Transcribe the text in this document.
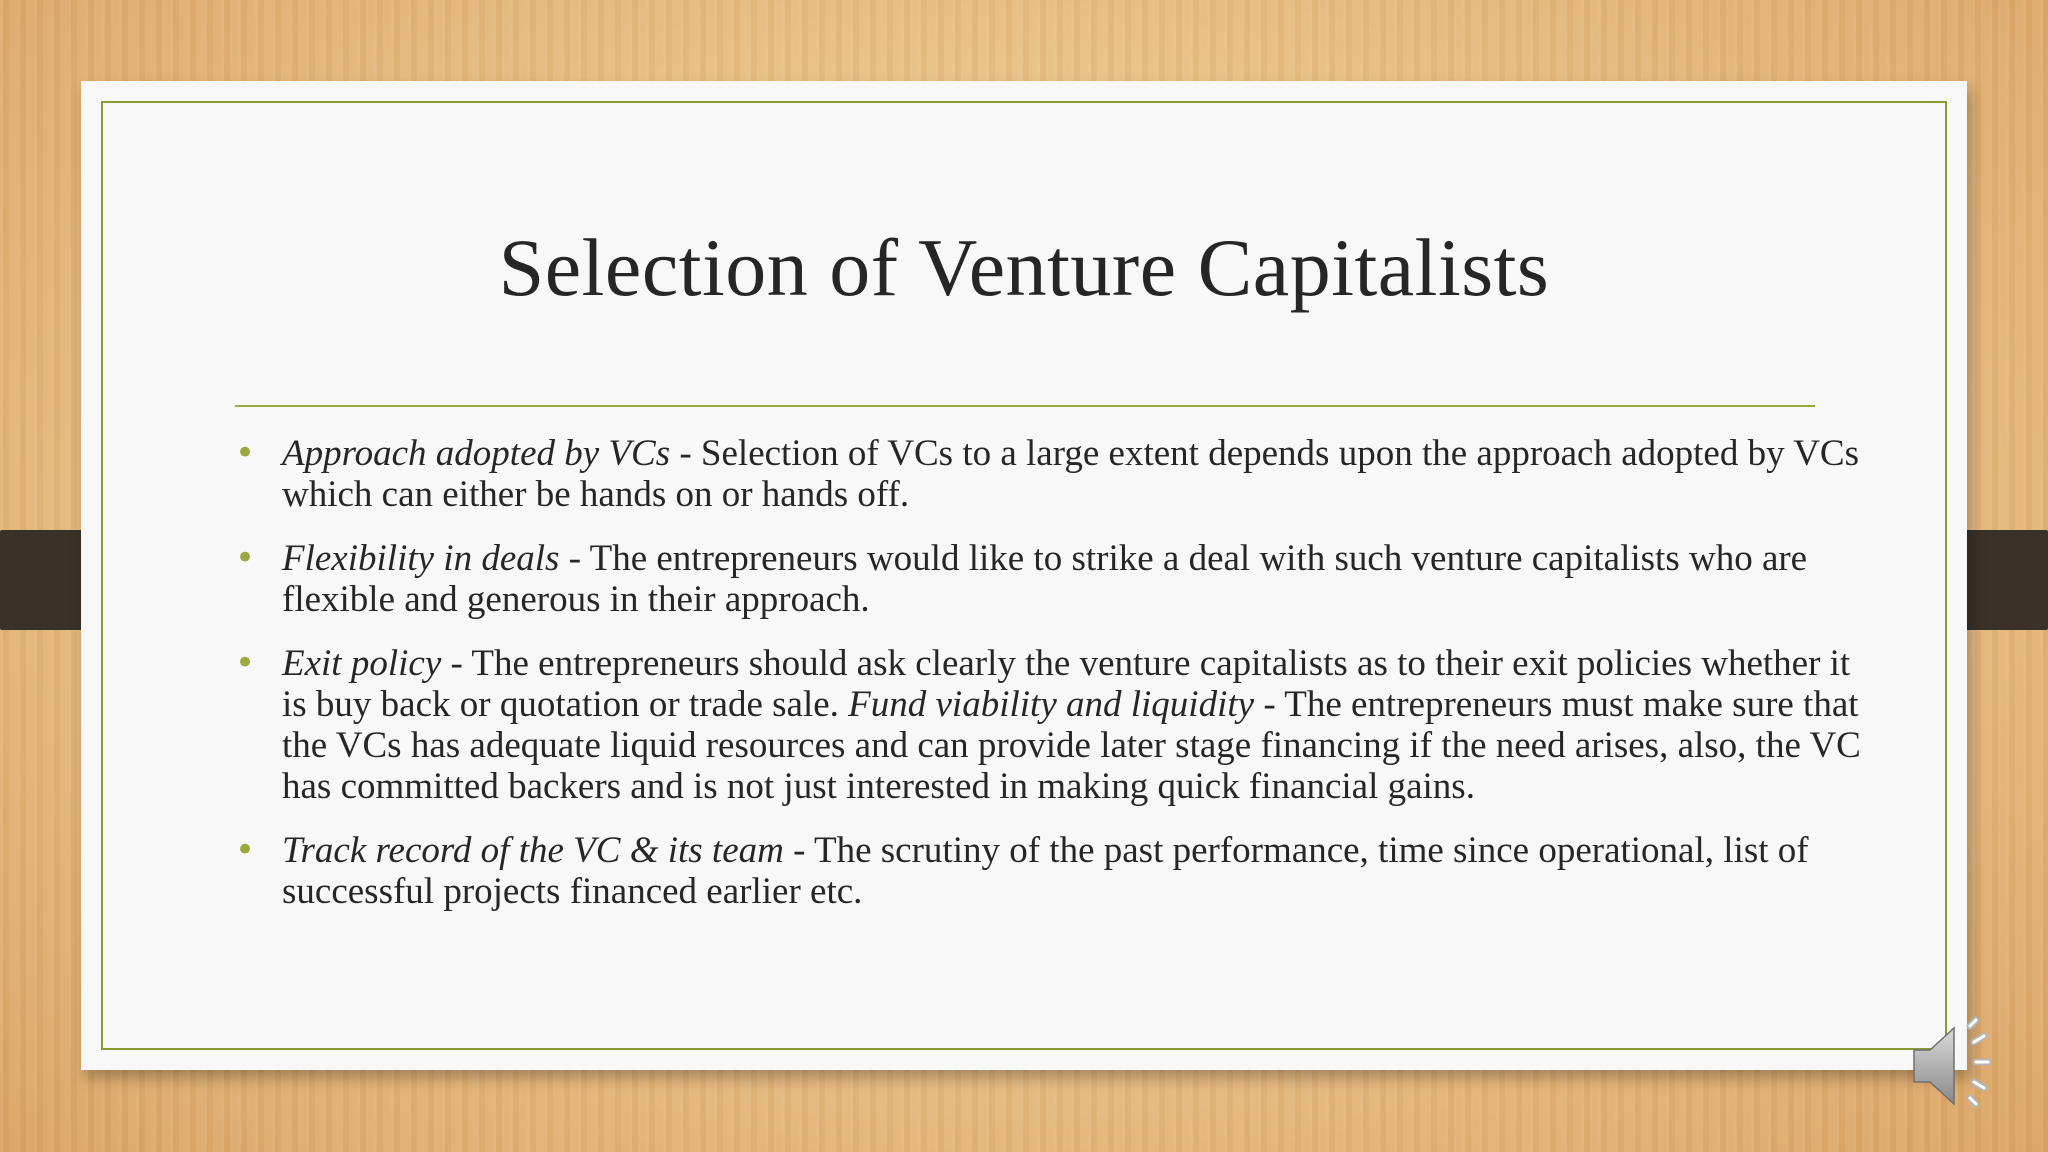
Selection of Venture Capitalists
• Approach adopted by VCs - Selection of VCs to a large extent depends upon the approach adopted by VCs which can either be hands on or hands off.
• Flexibility in deals - The entrepreneurs would like to strike a deal with such venture capitalists who are flexible and generous in their approach.
• Exit policy - The entrepreneurs should ask clearly the venture capitalists as to their exit policies whether it is buy back or quotation or trade sale. Fund viability and liquidity - The entrepreneurs must make sure that the VCs has adequate liquid resources and can provide later stage financing if the need arises, also, the VC has committed backers and is not just interested in making quick financial gains.
• Track record of the VC & its team - The scrutiny of the past performance, time since operational, list of successful projects financed earlier etc.
